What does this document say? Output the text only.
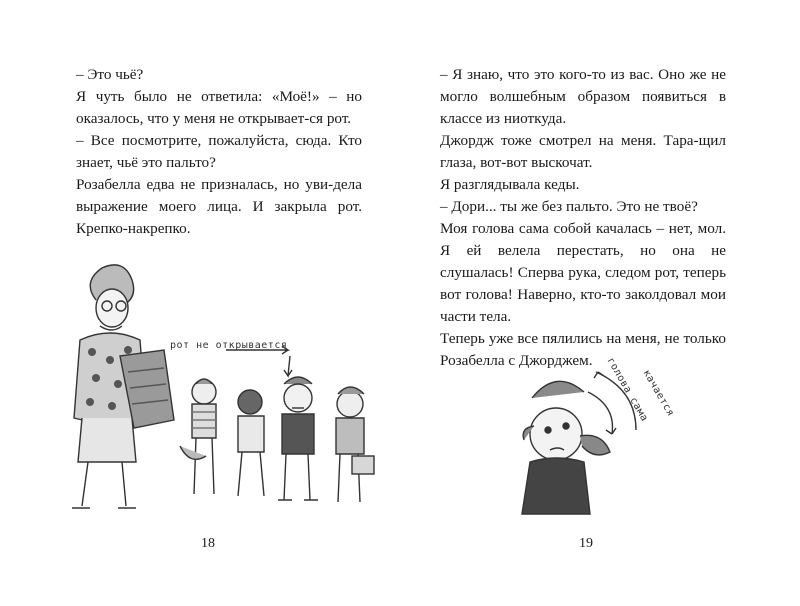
– Это чьё?

Я чуть было не ответила: «Моё!» – но оказалось, что у меня не открывает-ся рот.

– Все посмотрите, пожалуйста, сюда. Кто знает, чьё это пальто?

Розабелла едва не призналась, но уви-дела выражение моего лица. И закрыла рот. Крепко-накрепко.

рот не открывается
18

– Я знаю, что это кого-то из вас. Оно же не могло волшебным образом появиться в классе из ниоткуда.

Джордж тоже смотрел на меня. Тара-щил глаза, вот-вот выскочат.

Я разглядывала кеды.

– Дори... ты же без пальто. Это не твоё?

Моя голова сама собой качалась – нет, мол. Я ей велела перестать, но она не слушалась! Сперва рука, следом рот, теперь вот голова! Наверно, кто-то заколдовал мои части тела.

Теперь уже все пялились на меня, не только Розабелла с Джорджем.	голова сама
качается
19
